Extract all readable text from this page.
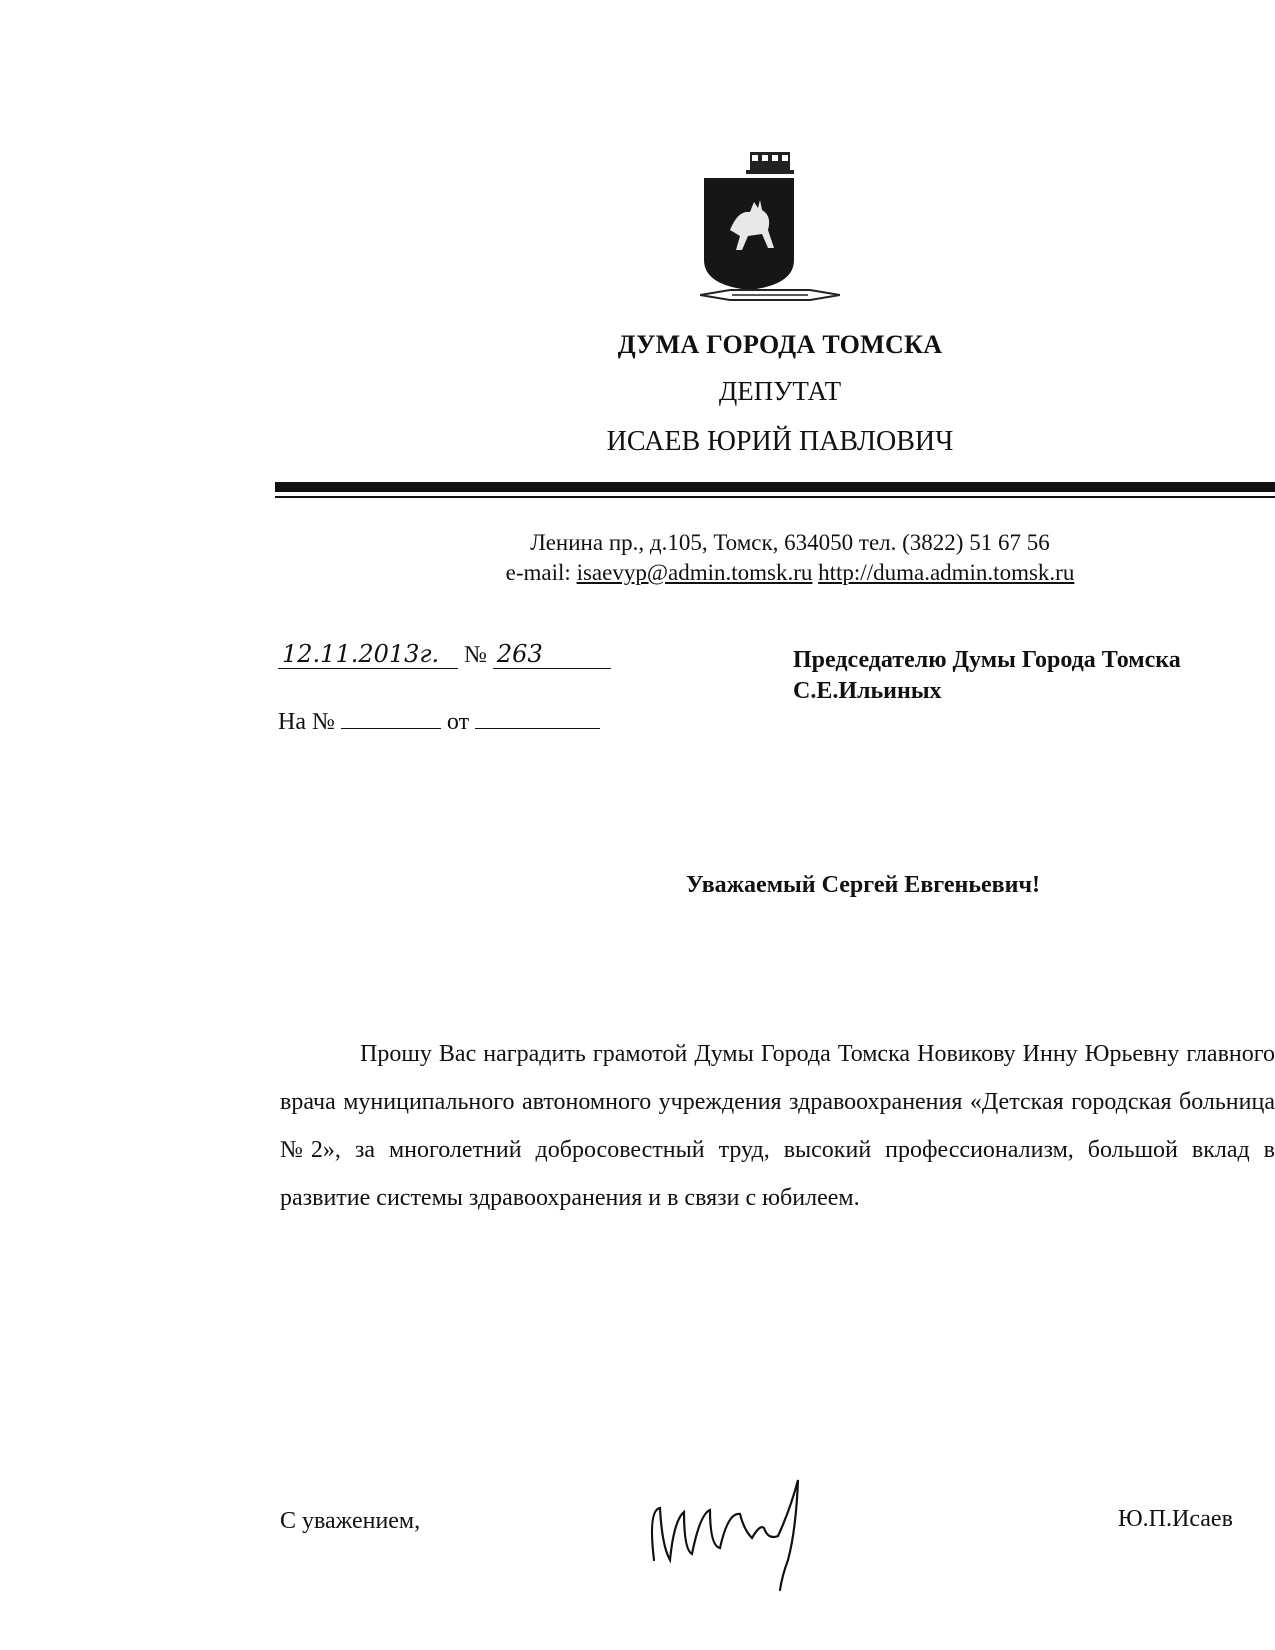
ДУМА ГОРОДА ТОМСКА
ДЕПУТАТ
ИСАЕВ ЮРИЙ ПАВЛОВИЧ
Ленина пр., д.105, Томск, 634050 тел. (3822) 51 67 56
e-mail: isaevyp@admin.tomsk.ru http://duma.admin.tomsk.ru
12.11.2013г. № 263
На №	от
Председателю Думы Города Томска
С.Е.Ильиных
Уважаемый Сергей Евгеньевич!
Прошу Вас наградить грамотой Думы Города Томска Новикову Инну Юрьевну главного врача муниципального автономного учреждения здравоохранения «Детская городская больница №2», за многолетний добросовестный труд, высокий профессионализм, большой вклад в развитие системы здравоохранения и в связи с юбилеем.
С уважением,	Ю.П.Исаев
